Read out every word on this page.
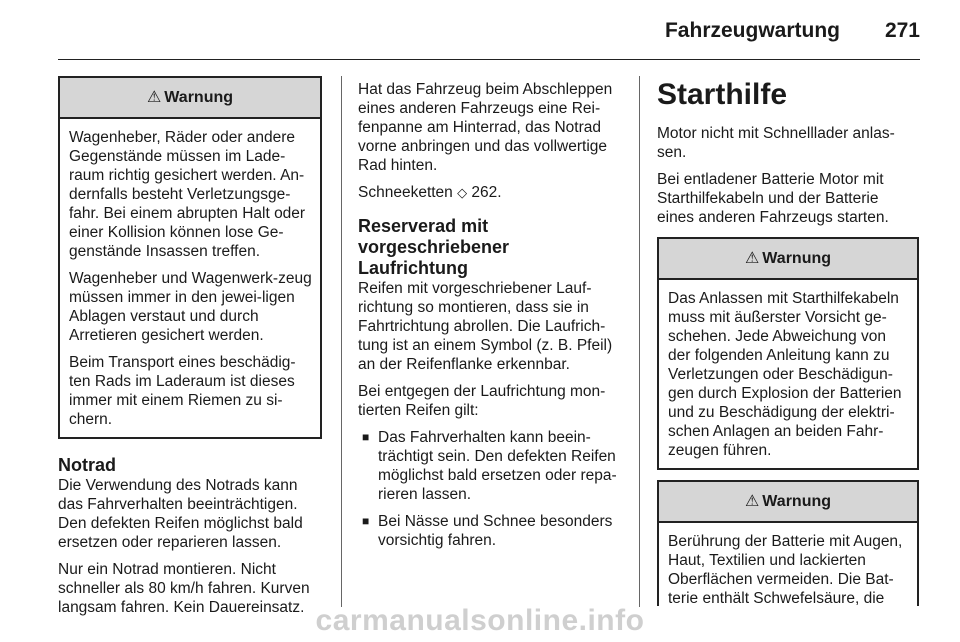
Fahrzeugwartung 271
⚠ Warnung

Wagenheber, Räder oder andere Gegenstände müssen im Lade-raum richtig gesichert werden. An-dernfalls besteht Verletzungsge-fahr. Bei einem abrupten Halt oder einer Kollision können lose Ge-genstände Insassen treffen.

Wagenheber und Wagenwerk-zeug müssen immer in den jewei-ligen Ablagen verstaut und durch Arretieren gesichert werden.

Beim Transport eines beschädig-ten Rads im Laderaum ist dieses immer mit einem Riemen zu si-chern.

Notrad

Die Verwendung des Notrads kann das Fahrverhalten beeinträchtigen. Den defekten Reifen möglichst bald ersetzen oder reparieren lassen.

Nur ein Notrad montieren. Nicht schneller als 80 km/h fahren. Kurven langsam fahren. Kein Dauereinsatz.

Hat das Fahrzeug beim Abschleppen eines anderen Fahrzeugs eine Rei-fenpanne am Hinterrad, das Notrad vorne anbringen und das vollwertige Rad hinten.

Schneeketten ◇ 262.

Reserverad mit vorgeschriebener Laufrichtung

Reifen mit vorgeschriebener Lauf-richtung so montieren, dass sie in Fahrtrichtung abrollen. Die Laufrich-tung ist an einem Symbol (z. B. Pfeil) an der Reifenflanke erkennbar.

Bei entgegen der Laufrichtung mon-tierten Reifen gilt:

■ Das Fahrverhalten kann beein-trächtigt sein. Den defekten Reifen möglichst bald ersetzen oder repa-rieren lassen.
■ Bei Nässe und Schnee besonders vorsichtig fahren.
Starthilfe

Motor nicht mit Schnelllader anlas-sen.

Bei entladener Batterie Motor mit Starthilfekabeln und der Batterie eines anderen Fahrzeugs starten.

⚠ Warnung

Das Anlassen mit Starthilfekabeln muss mit äußerster Vorsicht ge-schehen. Jede Abweichung von der folgenden Anleitung kann zu Verletzungen oder Beschädigun-gen durch Explosion der Batterien und zu Beschädigung der elektri-schen Anlagen an beiden Fahr-zeugen führen.

⚠ Warnung

Berührung der Batterie mit Augen, Haut, Textilien und lackierten Oberflächen vermeiden. Die Bat-terie enthält Schwefelsäure, die

carmanualsonline.info
